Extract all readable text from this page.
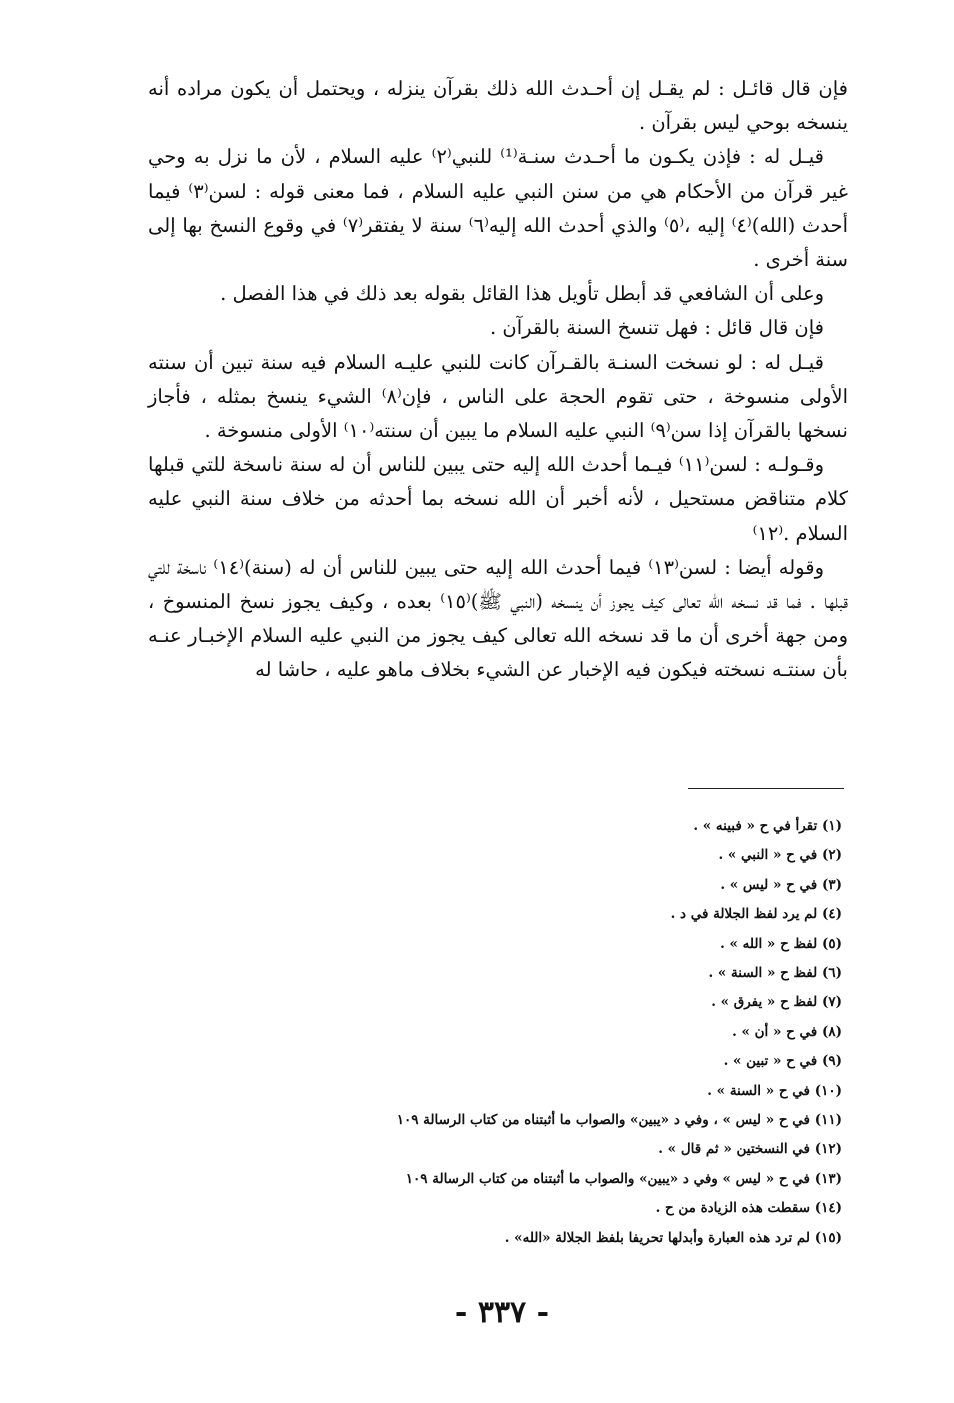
فإن قال قائـل : لم يقـل إن أحـدث الله ذلك بقرآن ينزله ، ويحتمل أن يكون مراده أنه ينسخه بوحي ليس بقرآن .

قيـل له : فإذن يكـون ما أحـدث سنـة⁽¹⁾ للنبي⁽٢⁾ عليه السلام ، لأن ما نزل به وحي غير قرآن من الأحكام هي من سنن النبي عليه السلام ، فما معنى قوله : لسن⁽٣⁾ فيما أحدث (الله)⁽٤⁾ إليه ،⁽٥⁾ والذي أحدث الله إليه⁽٦⁾ سنة لا يفتقر⁽٧⁾ في وقوع النسخ بها إلى سنة أخرى .

وعلى أن الشافعي قد أبطل تأويل هذا القائل بقوله بعد ذلك في هذا الفصل .

فإن قال قائل : فهل تنسخ السنة بالقرآن .

قيـل له : لو نسخت السنـة بالقـرآن كانت للنبي عليـه السلام فيه سنة تبين أن سنته الأولى منسوخة ، حتى تقوم الحجة على الناس ، فإن⁽٨⁾ الشيء ينسخ بمثله ، فأجاز نسخها بالقرآن إذا سن⁽٩⁾ النبي عليه السلام ما يبين أن سنته⁽١٠⁾ الأولى منسوخة .

وقـولـه : لسن⁽١١⁾ فيـما أحدث الله إليه حتى يبين للناس أن له سنة ناسخة للتي قبلها كلام متناقض مستحيل ، لأنه أخبر أن الله نسخه بما أحدثه من خلاف سنة النبي عليه السلام .⁽١٢⁾

وقوله أيضا : لسن⁽١٣⁾ فيما أحدث الله إليه حتى يبين للناس أن له (سنة)⁽١٤⁾ ناسخة للتي قبلها . فما قد نسخه الله تعالى كيف يجوز أن ينسخه (النبي ﷺ)⁽١٥⁾ بعده ، وكيف يجوز نسخ المنسوخ ، ومن جهة أخرى أن ما قد نسخه الله تعالى كيف يجوز من النبي عليه السلام الإخبـار عنـه بأن سنتـه نسخته فيكون فيه الإخبار عن الشيء بخلاف ماهو عليه ، حاشا له

(١) تقرأ في ح « فبينه » .
(٢) في ح « النبي » .
(٣) في ح « ليس » .
(٤) لم يرد لفظ الجلالة في د .
(٥) لفظ ح « الله » .
(٦) لفظ ح « السنة » .
(٧) لفظ ح « يفرق » .
(٨) في ح « أن » .
(٩) في ح « تبين » .
(١٠) في ح « السنة » .
(١١) في ح « ليس » ، وفي د «يبين» والصواب ما أثبتناه من كتاب الرسالة ١٠٩
(١٢) في النسختين « ثم قال » .
(١٣) في ح « ليس » وفي د «يبين» والصواب ما أثبتناه من كتاب الرسالة ١٠٩
(١٤) سقطت هذه الزيادة من ح .
(١٥) لم ترد هذه العبارة وأبدلها تحريفا بلفظ الجلالة «الله» .
- ٣٣٧ -
